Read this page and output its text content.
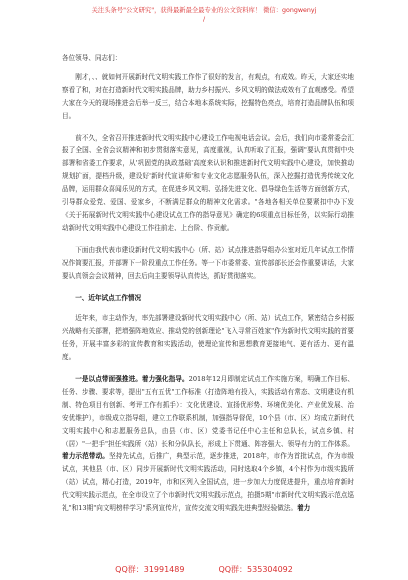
关注头条号"公文研究"，获得最新最全最专业的公文资料库！ 微信：gongwenyj
/

各位领导、同志们：

刚才，、、就如何开展新时代文明实践工作作了很好的发言，有观点，有成效。昨天，大家还实地察看了和，对在打造新时代文明实践品牌，助力乡村振兴、乡风文明的做法成效有了直观感受。希望大家在今天的现场推进会后举一反三，结合本地本系统实际，挖掘特色亮点，培育打造品牌队伍和项目。

前不久，全省召开推进新时代文明实践中心建设工作电视电话会议。会后，我们向市委常委会汇报了全国、全省会议精神和初步贯彻落实意见，高度重视，认真听取了汇报，强调"要认真贯彻中央部署和省委工作要求，从'巩固党的执政基础'高度来认识和推进新时代文明实践中心建设，加快推动规划扩面，提档升级，建设好'新时代宣讲师'和专业文化志愿服务队伍，深入挖掘打造优秀传统文化品牌，运用群众喜闻乐见的方式，在促进乡风文明、弘扬先进文化、倡导绿色生活等方面创新方式，引导群众爱党、爱国、爱家乡，不断满足群众的精神文化需求。"各地各相关单位要紧扣中办下发《关于拓展新时代文明实践中心建设试点工作的指导意见》确定的6项重点目标任务，以实际行动推动新时代文明实践中心建设工作往前走、上台阶、作贡献。

下面由我代表市建设新时代文明实践中心（所、站）试点推进指导组办公室对近几年试点工作情况作简要汇报，并部署下一阶段重点工作任务。等一下市委常委、宣传部部长还会作重要讲话，大家要认真领会会议精神，回去后向主要领导认真传达，抓好贯彻落实。

一、近年试点工作情况

近年来，市主动作为，率先部署建设新时代文明实践中心（所、站）试点工作，紧密结合乡村振兴战略有关部署，把增强阵地效应、推动党的创新理论"飞入寻常百姓家"作为新时代文明实践的首要任务，开展丰富多彩的宣传教育和实践活动，使理论宣传和思想教育更接地气、更有活力、更有温度。

一是以点带面强推进。着力强化指导。2018年12月即制定试点工作实施方案，明确工作目标、任务、步骤、要求等，提出"五有五优"工作标准（打造阵地有投入，实践活动有常态、文明建设有机制、特色项目有创新、考评工作有抓手）：文化优建设、宣扬优形势、环境优美化、产业优发展、治安优维护），市级成立指导组，建立工作联系机制，加强指导督促，10个县（市、区）均成立新时代文明实践中心和志愿服务总队，由县（市、区）党委书记任中心主任和总队长，试点乡镇、村（居）"一把手"担任实践所（站）长和分队队长，形成上下贯通、阵容强大、领导有力的工作体系。着力示范带动。坚持先试点，后推广，典型示范，逐步推进，2018年，市作为首批试点，作为市级试点，其他县（市、区）同步开展新时代文明实践活动，同时选取4个乡镇，4个村作为市级实践所（站）试点，精心打造，2019年，市和区列入全国试点，进一步加大力度促进提升，重点培育新时代文明实践示范点，在全市设立了个市新时代文明实践示范点，拍摄5期"市新时代文明实践示范点巡礼"和13期"向文明榜样学习"系列宣传片，宣传交流文明实践先进典型经验做法。着力

QQ群：31991489	QQ群：535304092
